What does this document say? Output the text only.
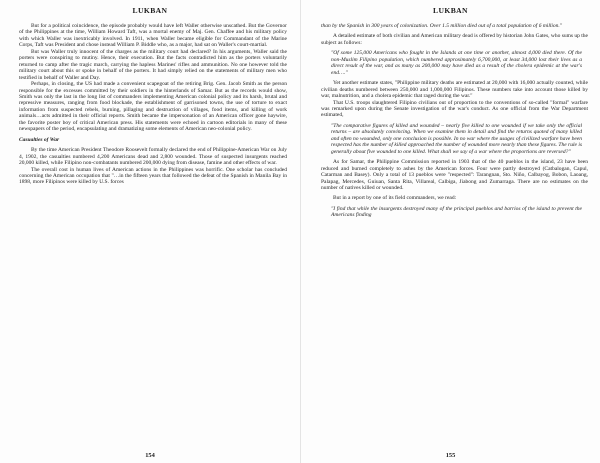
LUKBAN

But for a political coincidence, the episode probably would have left Waller otherwise unscathed. But the Governor of the Philippines at the time, William Howard Taft, was a mortal enemy of Maj. Gen. Chaffee and his military policy with which Waller was inextricably involved. In 1911, when Waller became eligible for Commandant of the Marine Corps, Taft was President and chose instead William P. Biddle who, as a major, had sat on Waller's court-martial.

But was Waller truly innocent of the charges as the military court had declared? In his arguments, Waller said the porters were conspiring to mutiny. Hence, their execution. But the facts contradicted him as the porters voluntarily returned to camp after the tragic march, carrying the hapless Marines' rifles and ammunition. No one however told the military court about this or spoke in behalf of the porters. It had simply relied on the statements of military men who testified in behalf of Waller and Day.

Perhaps, in closing, the US had made a convenient scapegoat of the retiring Brig. Gen. Jacob Smith as the person responsible for the excesses committed by their soldiers in the hinterlands of Samar. But as the records would show, Smith was only the last in the long list of commanders implementing American colonial policy and its harsh, brutal and repressive measures, ranging from food blockade, the establishment of garrisoned towns, the use of torture to exact information from suspected rebels, burning, pillaging and destruction of villages, food items, and killing of work animals…acts admitted in their official reports. Smith became the impersonation of an American officer gone haywire, the favorite poster boy of critical American press. His statements were echoed in cartoon editorials in many of these newspapers of the period, encapsulating and dramatizing some elements of American neo-colonial policy.

Casualties of War

By the time American President Theodore Roosevelt formally declared the end of Philippine-American War on July 4, 1902, the casualties numbered 4,200 Americans dead and 2,800 wounded. Those of suspected insurgents reached 20,000 killed, while Filipino non-combatants numbered 200,000 dying from disease, famine and other effects of war.

The overall cost in human lives of American actions in the Philippines was horrific. One scholar has concluded concerning the American occupation that "…in the fifteen years that followed the defeat of the Spanish in Manila Bay in 1898, more Filipinos were killed by U.S. forces

154
LUKBAN

than by the Spanish in 300 years of colonization. Over 1.5 million died out of a total population of 6 million."

A detailed estimate of both civilian and American military dead is offered by historian John Gates, who sums up the subject as follows:

"Of some 125,000 Americans who fought in the Islands at one time or another, almost 4,000 died there. Of the non-Muslim Filipino population, which numbered approximately 6,700,000, at least 34,000 lost their lives as a direct result of the war, and as many as 200,000 may have died as a result of the cholera epidemic at the war's end…."

Yet another estimate states, "Philippine military deaths are estimated at 20,000 with 16,000 actually counted, while civilian deaths numbered between 250,000 and 1,000,000 Filipinos. These numbers take into account those killed by war, malnutrition, and a cholera epidemic that raged during the war."

That U.S. troops slaughtered Filipino civilians out of proportion to the conventions of so-called "formal" warfare was remarked upon during the Senate investigation of the war's conduct. As one official from the War Department estimated,

"The comparative figures of killed and wounded – nearly five killed to one wounded if we take only the official returns – are absolutely convincing. When we examine them in detail and find the returns quoted of many killed and often no wounded, only one conclusion is possible. In no war where the usages of civilized warfare have been respected has the number of killed approached the number of wounded more nearly than these figures. The rule is generally about five wounded to one killed. What shall we say of a war where the proportions are reversed?"

As for Samar, the Philippine Commission reported in 1903 that of the 40 pueblos in the island, 23 have been reduced and burned completely to ashes by the American forces. Four were partly destroyed (Catbalogan, Capul, Catarman and Basey). Only a total of 13 pueblos were "respected": Tarangnan, Sto. Niño, Calbayog, Bobon, Laoang, Palapag, Mercedes, Guiuan, Santa Rita, Villareal, Calbiga, Jiabong and Zumarraga. There are no estimates on the number of natives killed or wounded.

But in a report by one of its field commanders, we read:

"I find that while the insurgents destroyed many of the principal pueblos and barrios of the island to prevent the Americans finding
155
